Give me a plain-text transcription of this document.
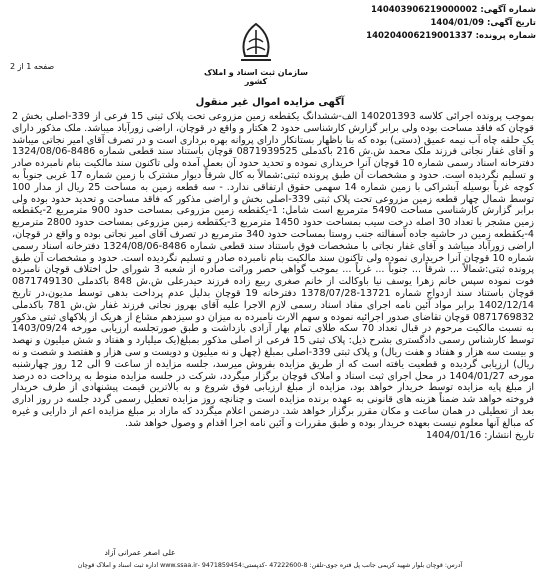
شماره آگهی: 140403906219000002
تاریخ آگهی: 1404/01/09
شماره پرونده: 140204006219001337
سازمان ثبت اسناد و املاک کشور
صفحه 1 از 2
آگهی مزایده اموال غیر منقول

بموجب پرونده اجرائی کلاسه 140201393 الف-ششدانگ یکقطعه زمین مزروعی تحت پلاک ثبتی 15 فرعی از 339-اصلی بخش 2 قوچان که فاقد مساحت بوده ولی برابر گزارش کارشناسی حدود 2 هکتار و واقع در قوچان، اراضی زورآباد میباشد. ملک مذکور دارای یک حلقه چاه آب نیمه عمیق (دستی) بوده که بنا باظهار بستانکار دارای پروانه بهره برداری است و در تصرف آقای امیر نجاتی میباشد و آقای غفار نجاتی فرزند ملک محمد ش.ش 216 باکدملی 0871939525 قوچان باستناد سند قطعی شماره 8486-1324/08/06 دفترخانه اسناد رسمی شماره 10 قوچان آنرا خریداری نموده و تحدید حدود آن بعمل آمده ولی تاکنون سند مالکیت بنام نامبرده صادر و تسلیم نگردیده است. حدود و مشخصات آن طبق پرونده ثبتی:شمالاً به کال شرقاً دیوار مشترک با زمین شماره 17 غربی جنوباً به کوچه غرباً بوسیله آبشراکی با زمین شماره 14 سهمی حقوق ارتفاقی ندارد. - سه قطعه زمین به مساحت 25 ریال از مدار 100 توسط شمال چهار قطعه زمین مزروعی تحت پلاک ثبتی 339-اصلی بخش و اراضی مذکور که فاقد مساحت و تحدید حدود بوده ولی برابر گزارش کارشناسی مساحت 5490 مترمربع است شامل: 1-یکقطعه زمین مزروعی بمساحت حدود 900 مترمربع 2-یکقطعه زمین مشجر با تعداد 30 اصله درخت سیب بمساحت حدود 1450 مترمربع 3-یکقطعه زمین مزروعی بمساحت حدود 2800 مترمربع 4-یکقطعه زمین در حاشیه جاده آسفالته جنب روستا بمساحت حدود 340 مترمربع در تصرف آقای امیر نجاتی بوده و واقع در قوچان، اراضی زورآباد میباشد و آقای غفار نجاتی با مشخصات فوق باستناد سند قطعی شماره 8486-1324/08/06 دفترخانه اسناد رسمی شماره 10 قوچان آنرا خریداری نموده ولی تاکنون سند مالکیت بنام نامبرده صادر و تسلیم نگردیده است. حدود و مشخصات آن طبق پرونده ثبتی:شمالاً ... شرقاً ... جنوباً ... غرباً ... بموجب گواهی حصر وراثت صادره از شعبه 3 شورای حل اختلاف قوچان نامبرده فوت نموده سپس خانم زهرا یوسف نیا باوکالت از خانم صغری ربیع زاده فرزند حیدرعلی ش.ش 848 باکدملی 0871749130 قوچان باستناد سند ازدواج شماره 13721-1378/07/28 دفترخانه 19 قوچان بدلیل عدم پرداخت بدهی توسط مدیون،در تاریخ 1402/12/14 برابر مواد آئین نامه اجرای مفاد اسناد رسمی لازم الاجرا علیه آقای بهروز نجاتی فرزند غفار ش.ش 781 باکدملی 0871769832 قوچان تقاضای صدور اجرائیه نموده و سهم الارث نامبرده به میزان دو سیزدهم مشاع از هریک از پلاکهای ثبتی مذکور به نسبت مالکیت مرحوم در قبال تعداد 70 سکه طلای تمام بهار آزادی بازداشت و طبق صورتجلسه ارزیابی مورخه 1403/09/24 توسط کارشناس رسمی دادگستری بشرح ذیل: پلاک ثبتی 15 فرعی از اصلی مذکور بمبلغ(یک میلیارد و هفتاد و شش میلیون و نهصد و بیست سه هزار و هفتاد و هفت ریال) و پلاک ثبتی 339-اصلی بمبلغ (چهل و نه میلیون و دویست و سی هزار و هفتصد و شصت و نه ریال) ارزیابی گردیده و قطعیت یافته است که از طریق مزایده بفروش میرسد، جلسه مزایده از ساعت 9 الی 12 روز چهارشنبه مورخه 1404/01/27 در محل اجرای ثبت اسناد و املاک قوچان برگزار میگردد، شرکت در جلسه مزایده منوط به پرداخت ده درصد از مبلغ پایه مزایده توسط خریدار خواهد بود، مزایده از مبلغ ارزیابی فوق شروع و به بالاترین قیمت پیشنهادی از طرف خریدار فروخته خواهد شد ضمناً هزینه های قانونی به عهده برنده مزایده است و چنانچه روز مزایده تعطیل رسمی گردد جلسه در روز اداری بعد از تعطیلی در همان ساعت و مکان مقرر برگزار خواهد شد. درضمن اعلام میگردد که مازاد بر مبلغ مزایده اعم از دارایی و غیره که مبالغ آنها معلوم نیست بعهده خریدار بوده و طبق مقررات و آئین نامه اجرا اقدام و وصول خواهد شد.

تاریخ انتشار: 1404/01/16

علی اصغر عمرانی آزاد
آدرس: قوچان بلوار شهید کریمی جانب پل فتره جوی-تلفن: 8-47222600 -کدپستی:9471859454 -www.ssaa.ir اداره ثبت اسناد و املاک قوچان
